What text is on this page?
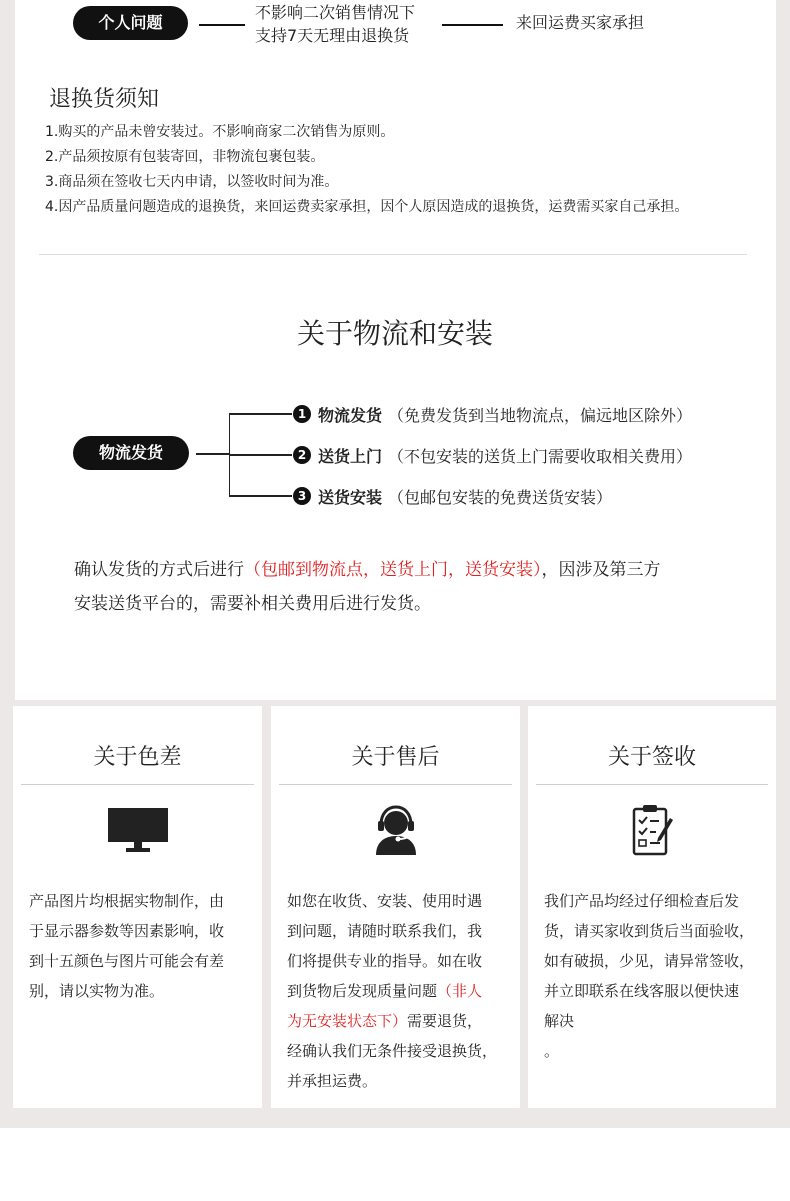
个人问题
不影响二次销售情况下
支持7天无理由退换货
来回运费买家承担
退换货须知
1.购买的产品未曾安装过。不影响商家二次销售为原则。
2.产品须按原有包装寄回，非物流包裹包装。
3.商品须在签收七天内申请，以签收时间为准。
4.因产品质量问题造成的退换货，来回运费卖家承担，因个人原因造成的退换货，运费需买家自己承担。
关于物流和安装
物流发货
1 物流发货 （免费发货到当地物流点，偏远地区除外）
2 送货上门 （不包安装的送货上门需要收取相关费用）
3 送货安装 （包邮包安装的免费送货安装）
确认发货的方式后进行（包邮到物流点，送货上门，送货安装），因涉及第三方
安装送货平台的，需要补相关费用后进行发货。
关于色差

产品图片均根据实物制作，由

于显示器参数等因素影响，收

到十五颜色与图片可能会有差

别，请以实物为准。

关于售后

如您在收货、安装、使用时遇

到问题，请随时联系我们，我

们将提供专业的指导。如在收

到货物后发现质量问题（非人

为无安装状态下）需要退货，

经确认我们无条件接受退换货，

并承担运费。

关于签收

我们产品均经过仔细检查后发

货，请买家收到货后当面验收，

如有破损，少见，请异常签收，

并立即联系在线客服以便快速

解决

。
